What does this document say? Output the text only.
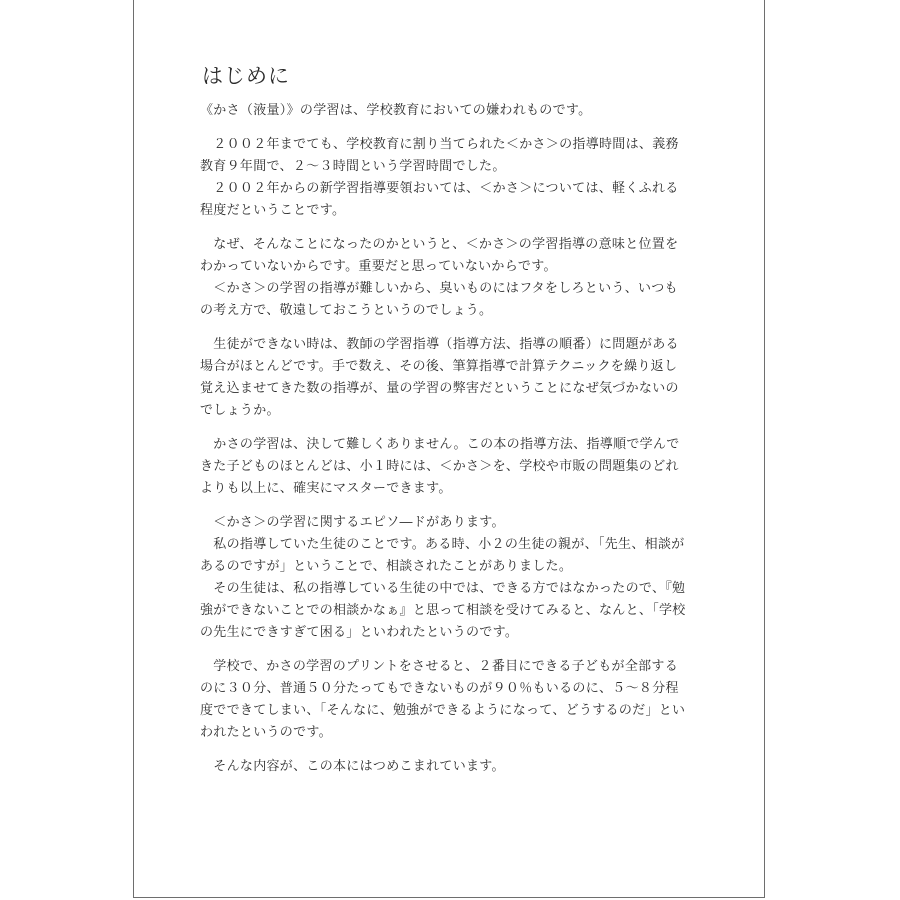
はじめに
《かさ（液量）》の学習は、学校教育においての嫌われものです。
　２００２年までても、学校教育に割り当てられた＜かさ＞の指導時間は、義務
教育９年間で、２～３時間という学習時間でした。
　２００２年からの新学習指導要領おいては、＜かさ＞については、軽くふれる
程度だということです。
　なぜ、そんなことになったのかというと、＜かさ＞の学習指導の意味と位置を
わかっていないからです。重要だと思っていないからです。
　＜かさ＞の学習の指導が難しいから、臭いものにはフタをしろという、いつも
の考え方で、敬遠しておこうというのでしょう。
　生徒ができない時は、教師の学習指導（指導方法、指導の順番）に問題がある
場合がほとんどです。手で数え、その後、筆算指導で計算テクニックを繰り返し
覚え込ませてきた数の指導が、量の学習の弊害だということになぜ気づかないの
でしょうか。
　かさの学習は、決して難しくありません。この本の指導方法、指導順で学んで
きた子どものほとんどは、小１時には、＜かさ＞を、学校や市販の問題集のどれ
よりも以上に、確実にマスターできます。
　＜かさ＞の学習に関するエピソ―ドがあります。
　私の指導していた生徒のことです。ある時、小２の生徒の親が、「先生、相談が
あるのですが」ということで、相談されたことがありました。
　その生徒は、私の指導している生徒の中では、できる方ではなかったので、『勉
強ができないことでの相談かなぁ』と思って相談を受けてみると、なんと、「学校
の先生にできすぎて困る」といわれたというのです。
　学校で、かさの学習のプリントをさせると、２番目にできる子どもが全部する
のに３０分、普通５０分たってもできないものが９０％もいるのに、５～８分程
度でできてしまい、「そんなに、勉強ができるようになって、どうするのだ」とい
われたというのです。
　そんな内容が、この本にはつめこまれています。
